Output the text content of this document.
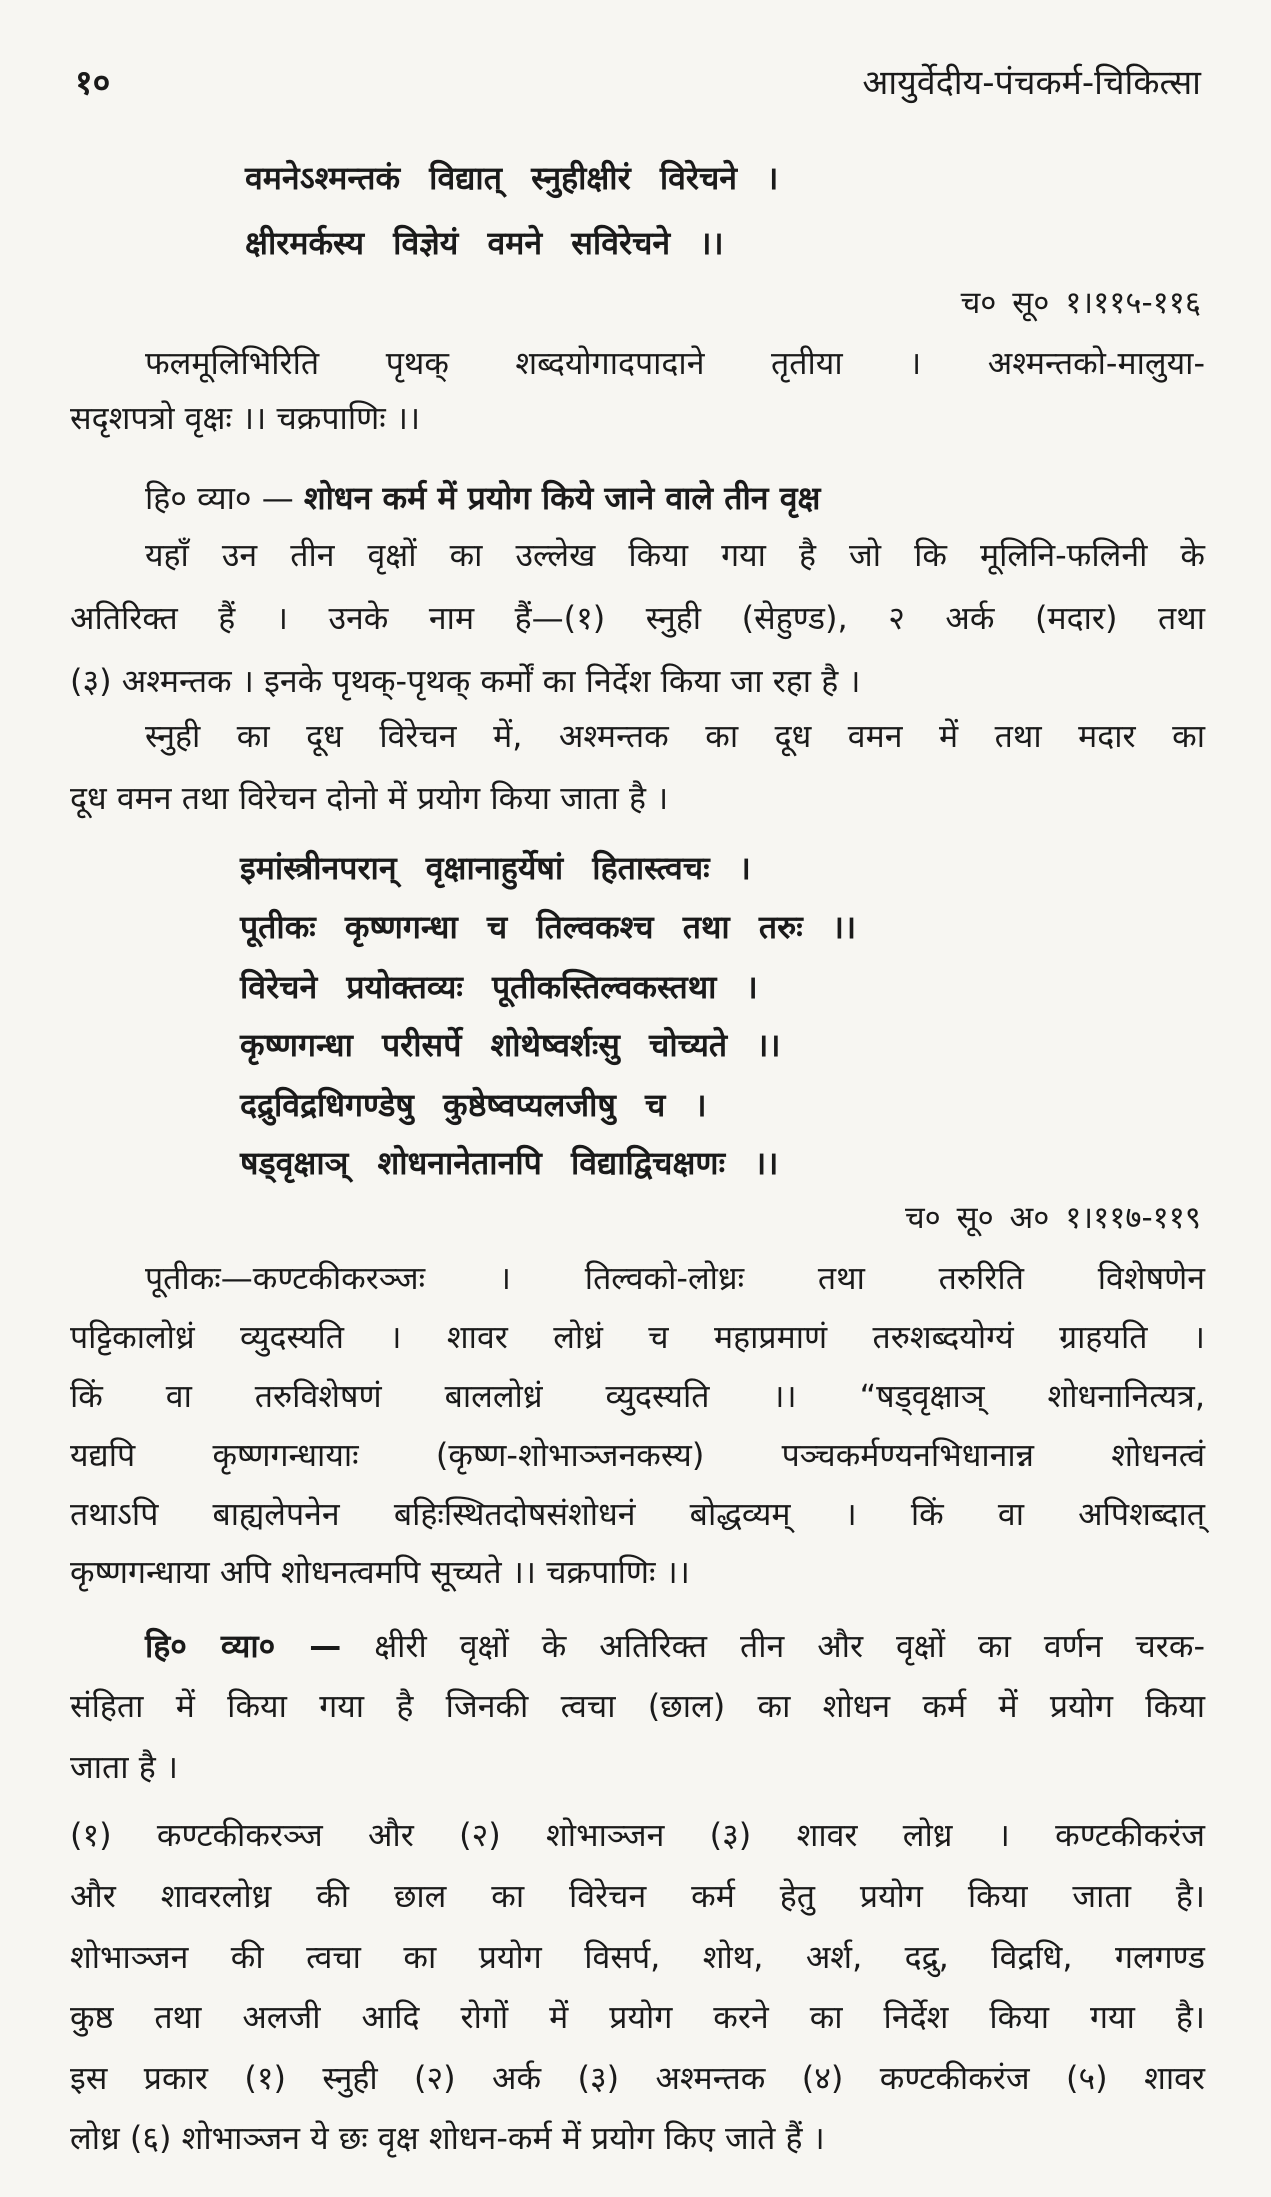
१०	आयुर्वेदीय-पंचकर्म-चिकित्सा
वमनेऽश्मन्तकं विद्यात् स्नुहीक्षीरं विरेचने ।
क्षीरमर्कस्य विज्ञेयं वमने सविरेचने ।।
च० सू० १।११५-११६
फलमूलिभिरिति पृथक् शब्दयोगादपादाने तृतीया । अश्मन्तको-मालुया-
सदृशपत्रो वृक्षः ।। चक्रपाणिः ।।
हि० व्या० — शोधन कर्म में प्रयोग किये जाने वाले तीन वृक्ष
यहाँ उन तीन वृक्षों का उल्लेख किया गया है जो कि मूलिनि-फलिनी के
अतिरिक्त हैं । उनके नाम हैं—(१) स्नुही (सेहुण्ड), २ अर्क (मदार) तथा
(३) अश्मन्तक । इनके पृथक्-पृथक् कर्मों का निर्देश किया जा रहा है ।
स्नुही का दूध विरेचन में, अश्मन्तक का दूध वमन में तथा मदार का
दूध वमन तथा विरेचन दोनो में प्रयोग किया जाता है ।
इमांस्त्रीनपरान् वृक्षानाहुर्येषां हितास्त्वचः ।
पूतीकः कृष्णगन्धा च तिल्वकश्च तथा तरुः ।।
विरेचने प्रयोक्तव्यः पूतीकस्तिल्वकस्तथा ।
कृष्णगन्धा परीसर्पे शोथेष्वर्शःसु चोच्यते ।।
दद्रुविद्रधिगण्डेषु कुष्ठेष्वप्यलजीषु च ।
षड्वृक्षाञ् शोधनानेतानपि विद्याद्विचक्षणः ।।
च० सू० अ० १।११७-११९
पूतीकः—कण्टकीकरञ्जः । तिल्वको-लोध्रः तथा तरुरिति विशेषणेन
पट्टिकालोध्रं व्युदस्यति । शावर लोध्रं च महाप्रमाणं तरुशब्दयोग्यं ग्राहयति ।
किं वा तरुविशेषणं बाललोध्रं व्युदस्यति ।। “षड्वृक्षाञ् शोधनानित्यत्र,
यद्यपि कृष्णगन्धायाः (कृष्ण-शोभाञ्जनकस्य) पञ्चकर्मण्यनभिधानान्न शोधनत्वं
तथाऽपि बाह्यलेपनेन बहिःस्थितदोषसंशोधनं बोद्धव्यम् । किं वा अपिशब्दात्
कृष्णगन्धाया अपि शोधनत्वमपि सूच्यते ।। चक्रपाणिः ।।
हि० व्या० — क्षीरी वृक्षों के अतिरिक्त तीन और वृक्षों का वर्णन चरक-
संहिता में किया गया है जिनकी त्वचा (छाल) का शोधन कर्म में प्रयोग किया
जाता है ।
(१) कण्टकीकरञ्ज और (२) शोभाञ्जन (३) शावर लोध्र । कण्टकीकरंज
और शावरलोध्र की छाल का विरेचन कर्म हेतु प्रयोग किया जाता है।
शोभाञ्जन की त्वचा का प्रयोग विसर्प, शोथ, अर्श, दद्रु, विद्रधि, गलगण्ड
कुष्ठ तथा अलजी आदि रोगों में प्रयोग करने का निर्देश किया गया है।
इस प्रकार (१) स्नुही (२) अर्क (३) अश्मन्तक (४) कण्टकीकरंज (५) शावर
लोध्र (६) शोभाञ्जन ये छः वृक्ष शोधन-कर्म में प्रयोग किए जाते हैं ।
